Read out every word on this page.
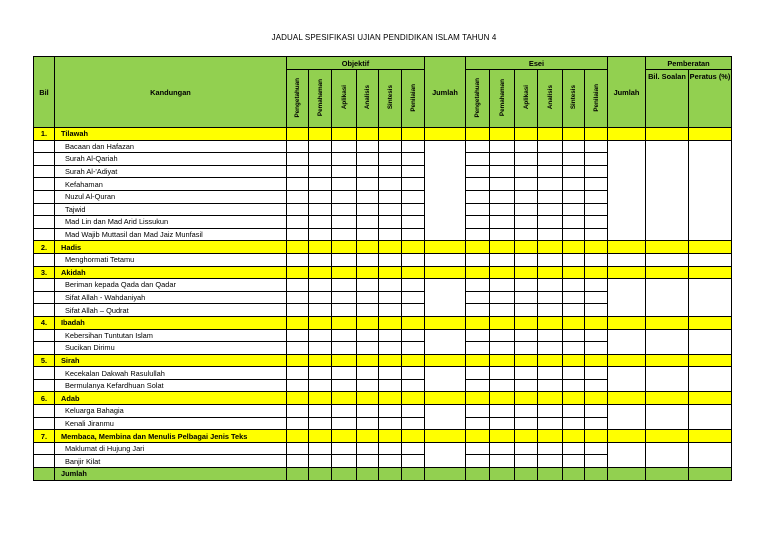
JADUAL SPESIFIKASI UJIAN PENDIDIKAN ISLAM TAHUN 4
Bil	Kandungan	Objektif						Jumlah	Esei						Jumlah	Pemberatan	
		Pengetahuan	Pemahaman	Aplikasi	Analisis	Sintesis	Penilaian		Pengetahuan	Pemahaman	Aplikasi	Analisis	Sintesis	Penilaian		Bil. Soalan	Peratus (%)
1.	Tilawah																
	Bacaan dan Hafazan																
	Surah Al-Qariah																
	Surah Al-'Adiyat																
	Kefahaman																
	Nuzul Al-Quran																
	Tajwid																
	Mad Lin dan Mad Arid Lissukun																
	Mad Wajib Muttasil dan Mad Jaiz Munfasil																
2.	Hadis																
	Menghormati Tetamu																
3.	Akidah																
	Beriman kepada Qada dan Qadar																
	Sifat Allah - Wahdaniyah																
	Sifat Allah – Qudrat																
4.	Ibadah																
	Kebersihan Tuntutan Islam																
	Sucikan Dirimu																
5.	Sirah																
	Kecekalan Dakwah Rasulullah																
	Bermulanya Kefardhuan Solat																
6.	Adab																
	Keluarga Bahagia																
	Kenali Jiranmu																
7.	Membaca, Membina dan Menulis Pelbagai Jenis Teks																
	Maklumat di Hujung Jari																
	Banjir Kilat																
	Jumlah																
